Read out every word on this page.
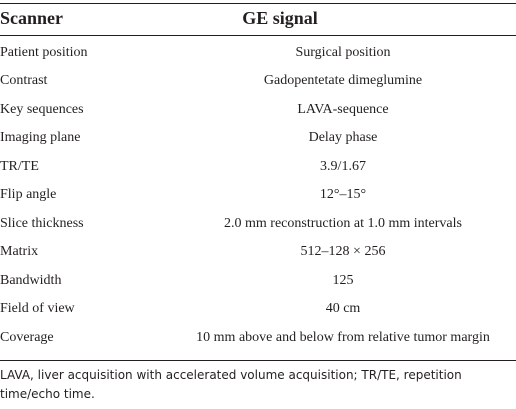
Scanner	GE signal
Patient position	Surgical position
Contrast	Gadopentetate dimeglumine
Key sequences	LAVA-sequence
Imaging plane	Delay phase
TR/TE	3.9/1.67
Flip angle	12°–15°
Slice thickness	2.0 mm reconstruction at 1.0 mm intervals
Matrix	512–128 × 256
Bandwidth	125
Field of view	40 cm
Coverage	10 mm above and below from relative tumor margin
LAVA, liver acquisition with accelerated volume acquisition; TR/TE, repetition
time/echo time.
